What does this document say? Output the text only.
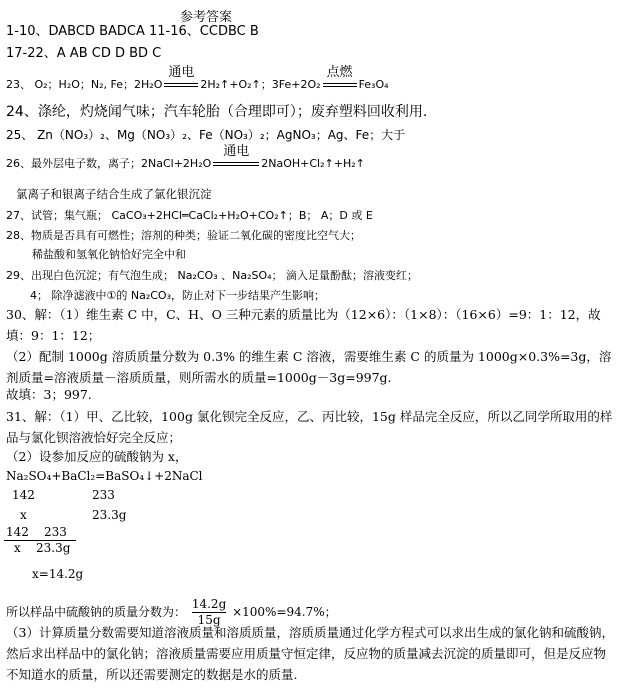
参考答案
1-10、DABCD BADCA 11-16、CCDBC B
17-22、A AB CD D BD C
23、 O₂；H₂O；N₂, Fe；2H₂O
通电
2H₂↑+O₂↑；3Fe+2O₂
点燃
Fe₃O₄
24、涤纶，灼烧闻气味；汽车轮胎（合理即可）；废弃塑料回收利用.
25、 Zn（NO₃）₂、Mg（NO₃）₂、Fe（NO₃）₂；AgNO₃；Ag、Fe；大于
26、最外层电子数，离子；2NaCl+2H₂O
通电
2NaOH+Cl₂↑+H₂↑
氯离子和银离子结合生成了氯化银沉淀
27、试管；集气瓶； CaCO₃+2HCl═CaCl₂+H₂O+CO₂↑；B； A；D 或 E
28、物质是否具有可燃性；溶剂的种类；验证二氧化碳的密度比空气大；
稀盐酸和氢氧化钠恰好完全中和
29、出现白色沉淀；有气泡生成； Na₂CO₃ 、Na₂SO₄； 滴入足量酚酞；溶液变红；
4； 除净滤液中①的 Na₂CO₃，防止对下一步结果产生影响；
30、解：（1）维生素 C 中，C、H、O 三种元素的质量比为（12×6）：（1×8）：（16×6）=9：1：12，故填：9：1：12；
（2）配制 1000g 溶质质量分数为 0.3% 的维生素 C 溶液，需要维生素 C 的质量为 1000g×0.3%=3g，溶剂质量=溶液质量－溶质质量，则所需水的质量=1000g－3g=997g.
故填：3；997.
31、解：（1）甲、乙比较，100g 氯化钡完全反应，乙、丙比较，15g 样品完全反应，所以乙同学所取用的样品与氯化钡溶液恰好完全反应；
（2）设参加反应的硫酸钠为 x，
Na₂SO₄+BaCl₂=BaSO₄↓+2NaCl
142	233
x	23.3g
142 233
x 23.3g
x=14.2g
所以样品中硫酸钠的质量分数为： $\frac{14.2g}{15g} \times 100\%=94.7\%$；
（3）计算质量分数需要知道溶液质量和溶质质量，溶质质量通过化学方程式可以求出生成的氯化钠和硫酸钠，然后求出样品中的氯化钠；溶液质量需要应用质量守恒定律，反应物的质量减去沉淀的质量即可，但是反应物不知道水的质量，所以还需要测定的数据是水的质量.
